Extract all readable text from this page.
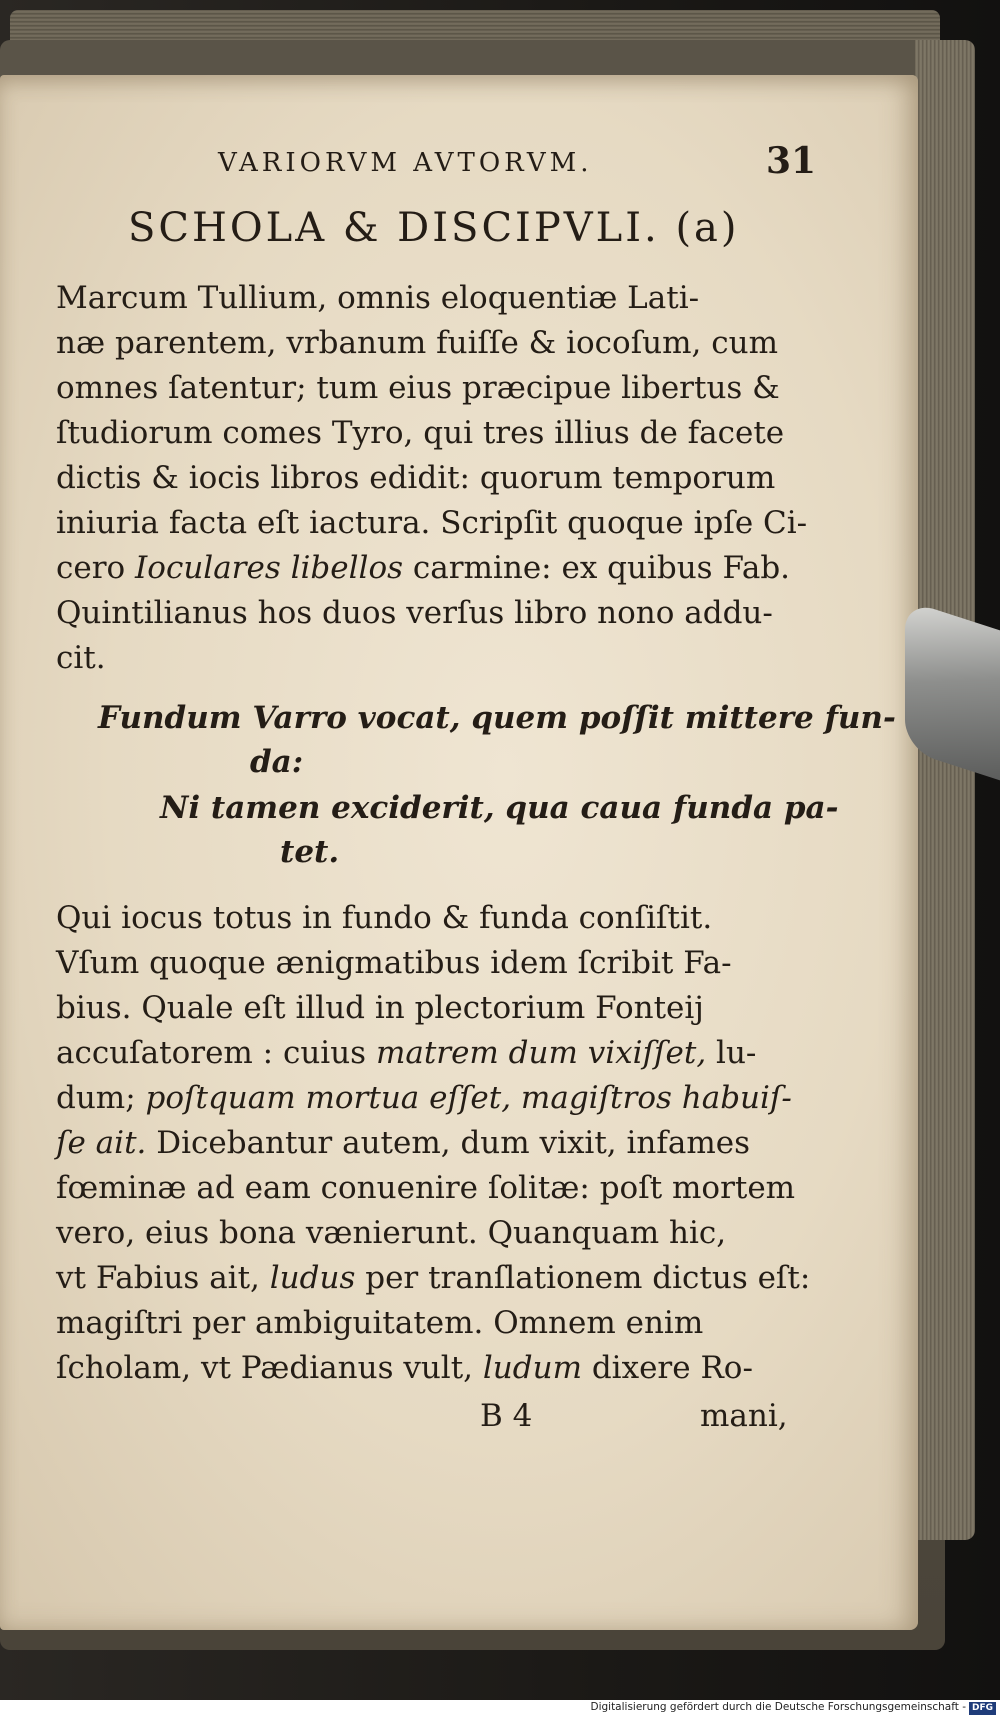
VARIORVM AVTORVM.	31
SCHOLA & DISCIPVLI. (a)
Marcum Tullium, omnis eloquentiæ Lati-
næ parentem, vrbanum fuiſſe & iocoſum, cum
omnes ſatentur; tum eius præcipue libertus &
ſtudiorum comes Tyro, qui tres illius de facete
dictis & iocis libros edidit: quorum temporum
iniuria facta eſt iactura. Scripſit quoque ipſe Ci-
cero Ioculares libellos carmine: ex quibus Fab.
Quintilianus hos duos verſus libro nono addu-
cit.
Fundum Varro vocat, quem poſſit mittere fun-
da:
Ni tamen exciderit, qua caua funda pa-
tet.
Qui iocus totus in fundo & funda conſiſtit.
Vſum quoque ænigmatibus idem ſcribit Fa-
bius. Quale eſt illud in plectorium Fonteij
accuſatorem : cuius matrem dum vixiſſet, lu-
dum; poſtquam mortua eſſet, magiſtros habuiſ-
ſe ait. Dicebantur autem, dum vixit, infames
fœminæ ad eam conuenire ſolitæ: poſt mortem
vero, eius bona vænierunt. Quanquam hic,
vt Fabius ait, ludus per tranſlationem dictus eſt:
magiſtri per ambiguitatem. Omnem enim
ſcholam, vt Pædianus vult, ludum dixere Ro-
B 4	mani,
Digitalisierung gefördert durch die Deutsche Forschungsgemeinschaft - DFG
